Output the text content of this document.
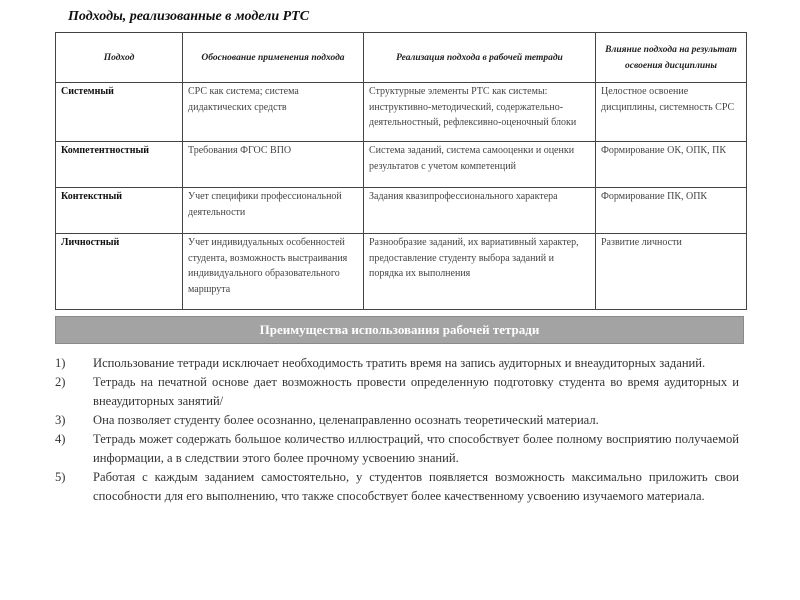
Подходы, реализованные в модели РТС
Подход	Обоснование применения подхода	Реализация подхода в рабочей тетради	Влияние подхода на результат освоения дисциплины
Системный	СРС как система; система дидактических средств	Структурные элементы РТС как системы: инструктивно-методический, содержательно-деятельностный, рефлексивно-оценочный блоки	Целостное освоение дисциплины, системность СРС
Компетентностный	Требования ФГОС ВПО	Система заданий, система самооценки и оценки результатов с учетом компетенций	Формирование ОК, ОПК, ПК
Контекстный	Учет специфики профессиональной деятельности	Задания квазипрофессионального характера	Формирование ПК, ОПК
Личностный	Учет индивидуальных особенностей студента, возможность выстраивания индивидуального образовательного маршрута	Разнообразие заданий, их вариативный характер, предоставление студенту выбора заданий и порядка их выполнения	Развитие личности
Преимущества использования рабочей тетради
1) Использование тетради исключает необходимость тратить время на запись аудиторных и внеаудиторных заданий.
2) Тетрадь на печатной основе дает возможность провести определенную подготовку студента во время аудиторных и внеаудиторных занятий/
3) Она позволяет студенту более осознанно, целенаправленно осознать теоретический материал.
4) Тетрадь может содержать большое количество иллюстраций, что способствует более полному восприятию получаемой информации, а в следствии этого более прочному усвоению знаний.
5) Работая с каждым заданием самостоятельно, у студентов появляется возможность максимально приложить свои способности для его выполнению, что также способствует более качественному усвоению изучаемого материала.
